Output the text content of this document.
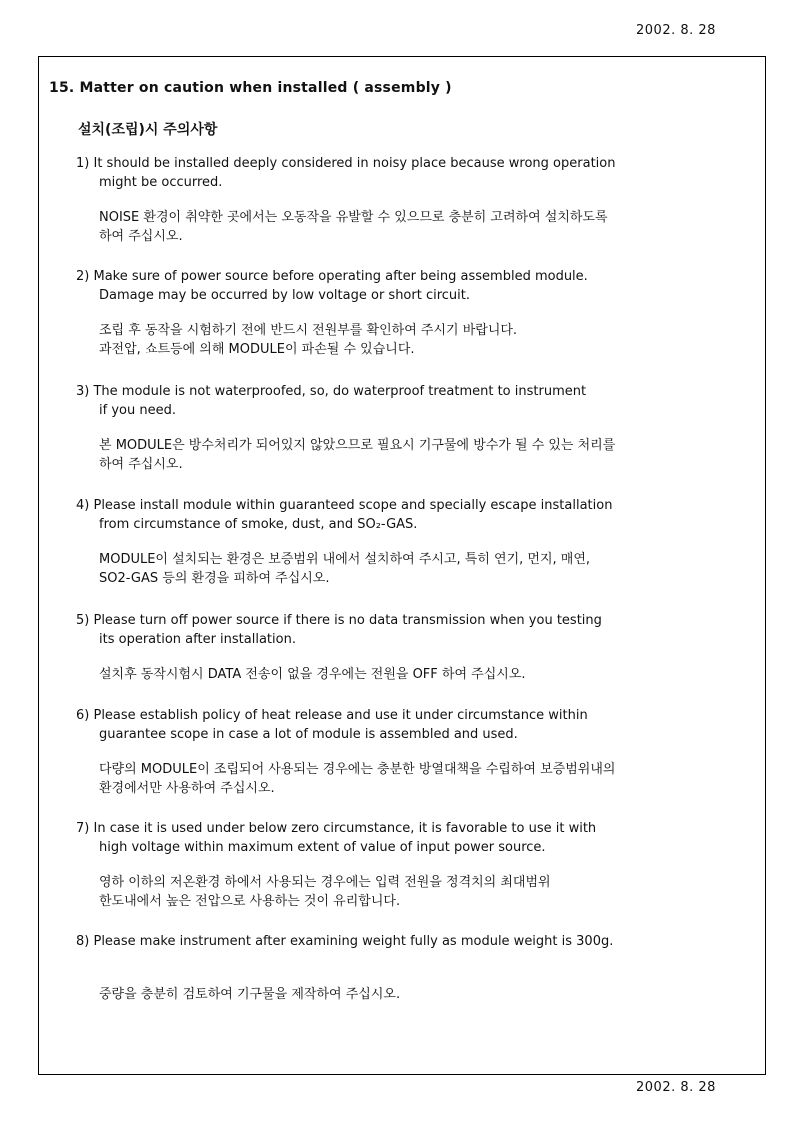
2002. 8. 28
15. Matter on caution when installed ( assembly )
설치(조립)시 주의사항
1) It should be installed deeply considered in noisy place because wrong operation
might be occurred.
NOISE 환경이 취약한 곳에서는 오동작을 유발할 수 있으므로 충분히 고려하여 설치하도록
하여 주십시오.
2) Make sure of power source before operating after being assembled module.
Damage may be occurred by low voltage or short circuit.
조립 후 동작을 시험하기 전에 반드시 전원부를 확인하여 주시기 바랍니다.
과전압, 쇼트등에 의해 MODULE이 파손될 수 있습니다.
3) The module is not waterproofed, so, do waterproof treatment to instrument
if you need.
본 MODULE은 방수처리가 되어있지 않았으므로 필요시 기구물에 방수가 될 수 있는 처리를
하여 주십시오.
4) Please install module within guaranteed scope and specially escape installation
from circumstance of smoke, dust, and SO₂-GAS.
MODULE이 설치되는 환경은 보증범위 내에서 설치하여 주시고, 특히 연기, 먼지, 매연,
SO2-GAS 등의 환경을 피하여 주십시오.
5) Please turn off power source if there is no data transmission when you testing
its operation after installation.
설치후 동작시험시 DATA 전송이 없을 경우에는 전원을 OFF 하여 주십시오.
6) Please establish policy of heat release and use it under circumstance within
guarantee scope in case a lot of module is assembled and used.
다량의 MODULE이 조립되어 사용되는 경우에는 충분한 방열대책을 수립하여 보증범위내의
환경에서만 사용하여 주십시오.
7) In case it is used under below zero circumstance, it is favorable to use it with
high voltage within maximum extent of value of input power source.
영하 이하의 저온환경 하에서 사용되는 경우에는 입력 전원을 정격치의 최대범위
한도내에서 높은 전압으로 사용하는 것이 유리합니다.
8) Please make instrument after examining weight fully as module weight is 300g.
중량을 충분히 검토하여 기구물을 제작하여 주십시오.
2002. 8. 28
